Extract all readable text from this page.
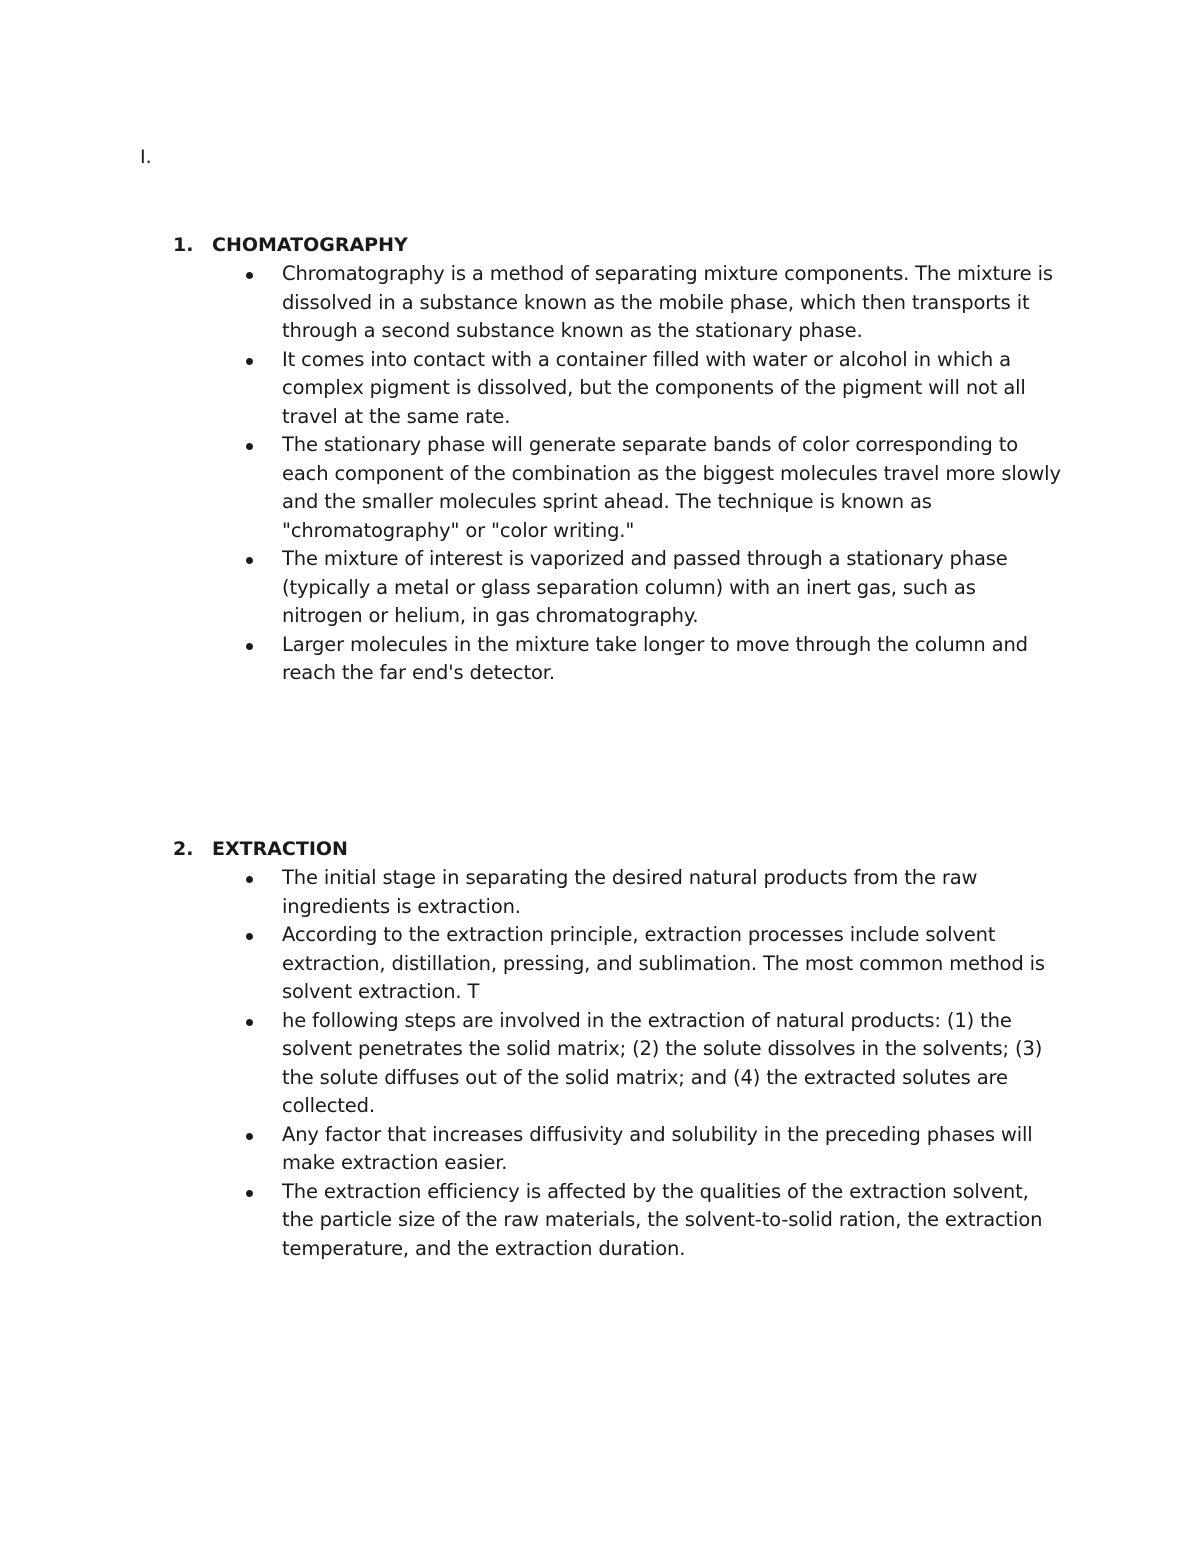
I.
1. CHOMATOGRAPHY
Chromatography is a method of separating mixture components. The mixture is dissolved in a substance known as the mobile phase, which then transports it through a second substance known as the stationary phase.
It comes into contact with a container filled with water or alcohol in which a complex pigment is dissolved, but the components of the pigment will not all travel at the same rate.
The stationary phase will generate separate bands of color corresponding to each component of the combination as the biggest molecules travel more slowly and the smaller molecules sprint ahead. The technique is known as "chromatography" or "color writing."
The mixture of interest is vaporized and passed through a stationary phase (typically a metal or glass separation column) with an inert gas, such as nitrogen or helium, in gas chromatography.
Larger molecules in the mixture take longer to move through the column and reach the far end's detector.
2. EXTRACTION
The initial stage in separating the desired natural products from the raw ingredients is extraction.
According to the extraction principle, extraction processes include solvent extraction, distillation, pressing, and sublimation. The most common method is solvent extraction. T
he following steps are involved in the extraction of natural products: (1) the solvent penetrates the solid matrix; (2) the solute dissolves in the solvents; (3) the solute diffuses out of the solid matrix; and (4) the extracted solutes are collected.
Any factor that increases diffusivity and solubility in the preceding phases will make extraction easier.
The extraction efficiency is affected by the qualities of the extraction solvent, the particle size of the raw materials, the solvent-to-solid ration, the extraction temperature, and the extraction duration.
